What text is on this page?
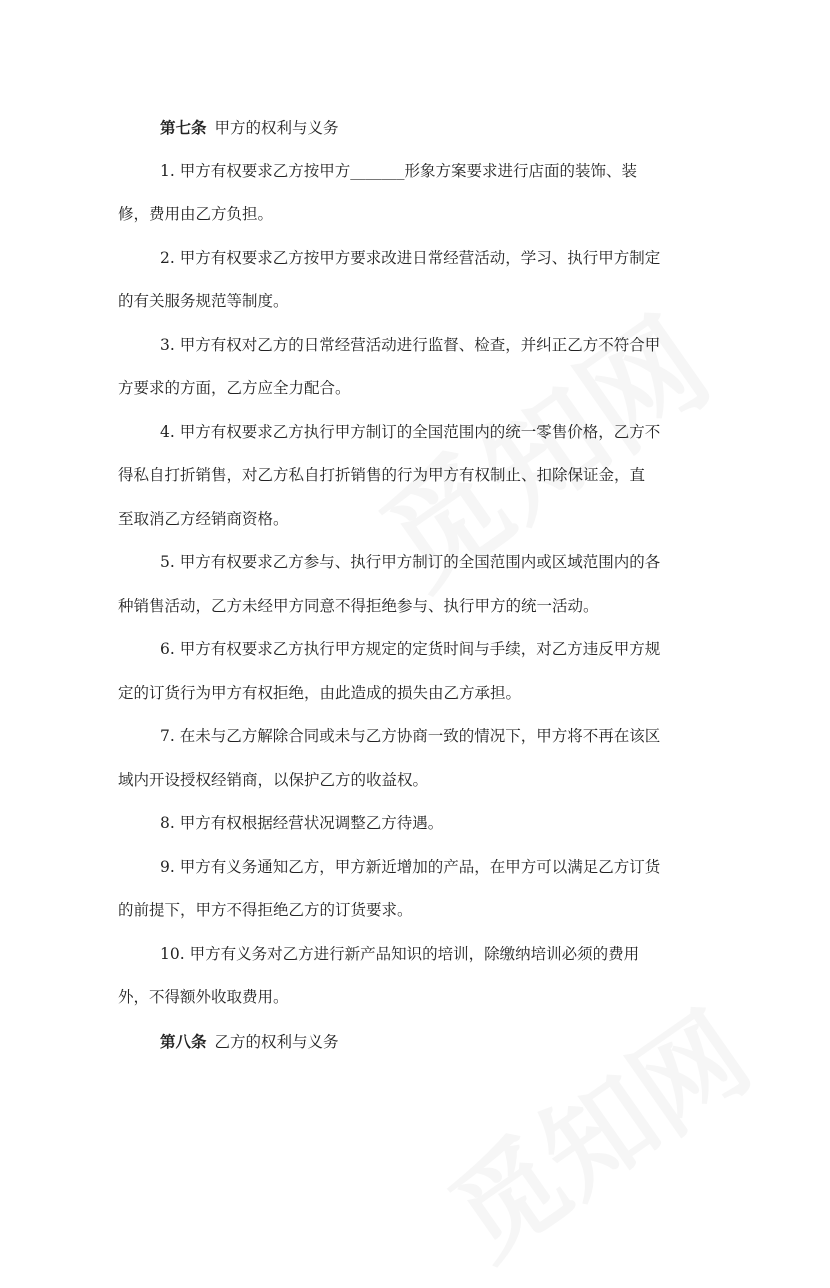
第七条 甲方的权利与义务
1. 甲方有权要求乙方按甲方_______形象方案要求进行店面的装饰、装
修，费用由乙方负担。
2. 甲方有权要求乙方按甲方要求改进日常经营活动，学习、执行甲方制定
的有关服务规范等制度。
3. 甲方有权对乙方的日常经营活动进行监督、检查，并纠正乙方不符合甲
方要求的方面，乙方应全力配合。
4. 甲方有权要求乙方执行甲方制订的全国范围内的统一零售价格，乙方不
得私自打折销售，对乙方私自打折销售的行为甲方有权制止、扣除保证金，直
至取消乙方经销商资格。
5. 甲方有权要求乙方参与、执行甲方制订的全国范围内或区域范围内的各
种销售活动，乙方未经甲方同意不得拒绝参与、执行甲方的统一活动。
6. 甲方有权要求乙方执行甲方规定的定货时间与手续，对乙方违反甲方规
定的订货行为甲方有权拒绝，由此造成的损失由乙方承担。
7. 在未与乙方解除合同或未与乙方协商一致的情况下，甲方将不再在该区
域内开设授权经销商，以保护乙方的收益权。
8. 甲方有权根据经营状况调整乙方待遇。
9. 甲方有义务通知乙方，甲方新近增加的产品，在甲方可以满足乙方订货
的前提下，甲方不得拒绝乙方的订货要求。
10. 甲方有义务对乙方进行新产品知识的培训，除缴纳培训必须的费用
外，不得额外收取费用。
第八条 乙方的权利与义务
